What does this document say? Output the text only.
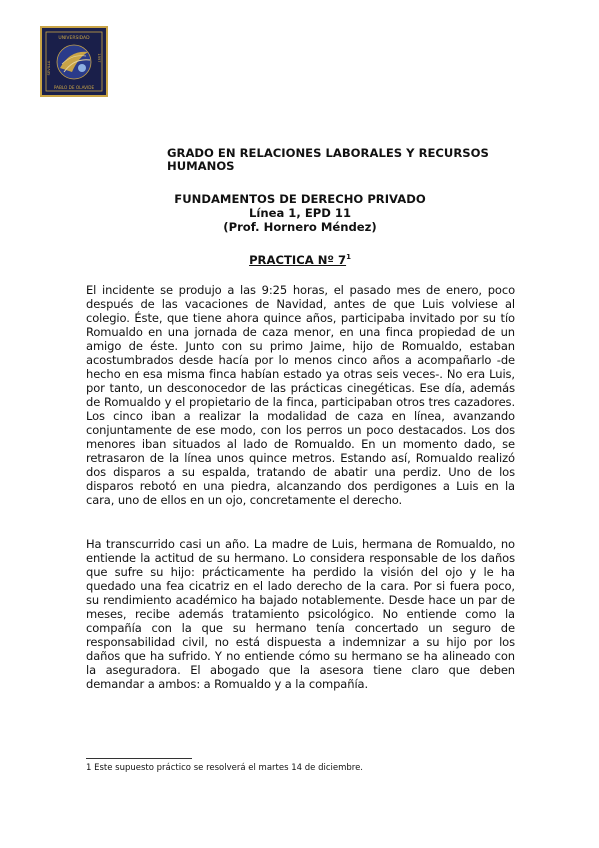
UNIVERSIDAD
PABLO DE OLAVIDE
SEVILLA
1997
GRADO EN RELACIONES LABORALES Y RECURSOS
HUMANOS
FUNDAMENTOS DE DERECHO PRIVADO
Línea 1, EPD 11
(Prof. Hornero Méndez)
PRACTICA Nº $7^1$
El incidente se produjo a las 9:25 horas, el pasado mes de enero, poco después de las vacaciones de Navidad, antes de que Luis volviese al colegio. Éste, que tiene ahora quince años, participaba invitado por su tío Romualdo en una jornada de caza menor, en una finca propiedad de un amigo de éste. Junto con su primo Jaime, hijo de Romualdo, estaban acostumbrados desde hacía por lo menos cinco años a acompañarlo -de hecho en esa misma finca habían estado ya otras seis veces-. No era Luis, por tanto, un desconocedor de las prácticas cinegéticas. Ese día, además de Romualdo y el propietario de la finca, participaban otros tres cazadores. Los cinco iban a realizar la modalidad de caza en línea, avanzando conjuntamente de ese modo, con los perros un poco destacados. Los dos menores iban situados al lado de Romualdo. En un momento dado, se retrasaron de la línea unos quince metros. Estando así, Romualdo realizó dos disparos a su espalda, tratando de abatir una perdiz. Uno de los disparos rebotó en una piedra, alcanzando dos perdigones a Luis en la cara, uno de ellos en un ojo, concretamente el derecho.
Ha transcurrido casi un año. La madre de Luis, hermana de Romualdo, no entiende la actitud de su hermano. Lo considera responsable de los daños que sufre su hijo: prácticamente ha perdido la visión del ojo y le ha quedado una fea cicatriz en el lado derecho de la cara. Por si fuera poco, su rendimiento académico ha bajado notablemente. Desde hace un par de meses, recibe además tratamiento psicológico. No entiende como la compañía con la que su hermano tenía concertado un seguro de responsabilidad civil, no está dispuesta a indemnizar a su hijo por los daños que ha sufrido. Y no entiende cómo su hermano se ha alineado con la aseguradora. El abogado que la asesora tiene claro que deben demandar a ambos: a Romualdo y a la compañía.
1 Este supuesto práctico se resolverá el martes 14 de diciembre.
